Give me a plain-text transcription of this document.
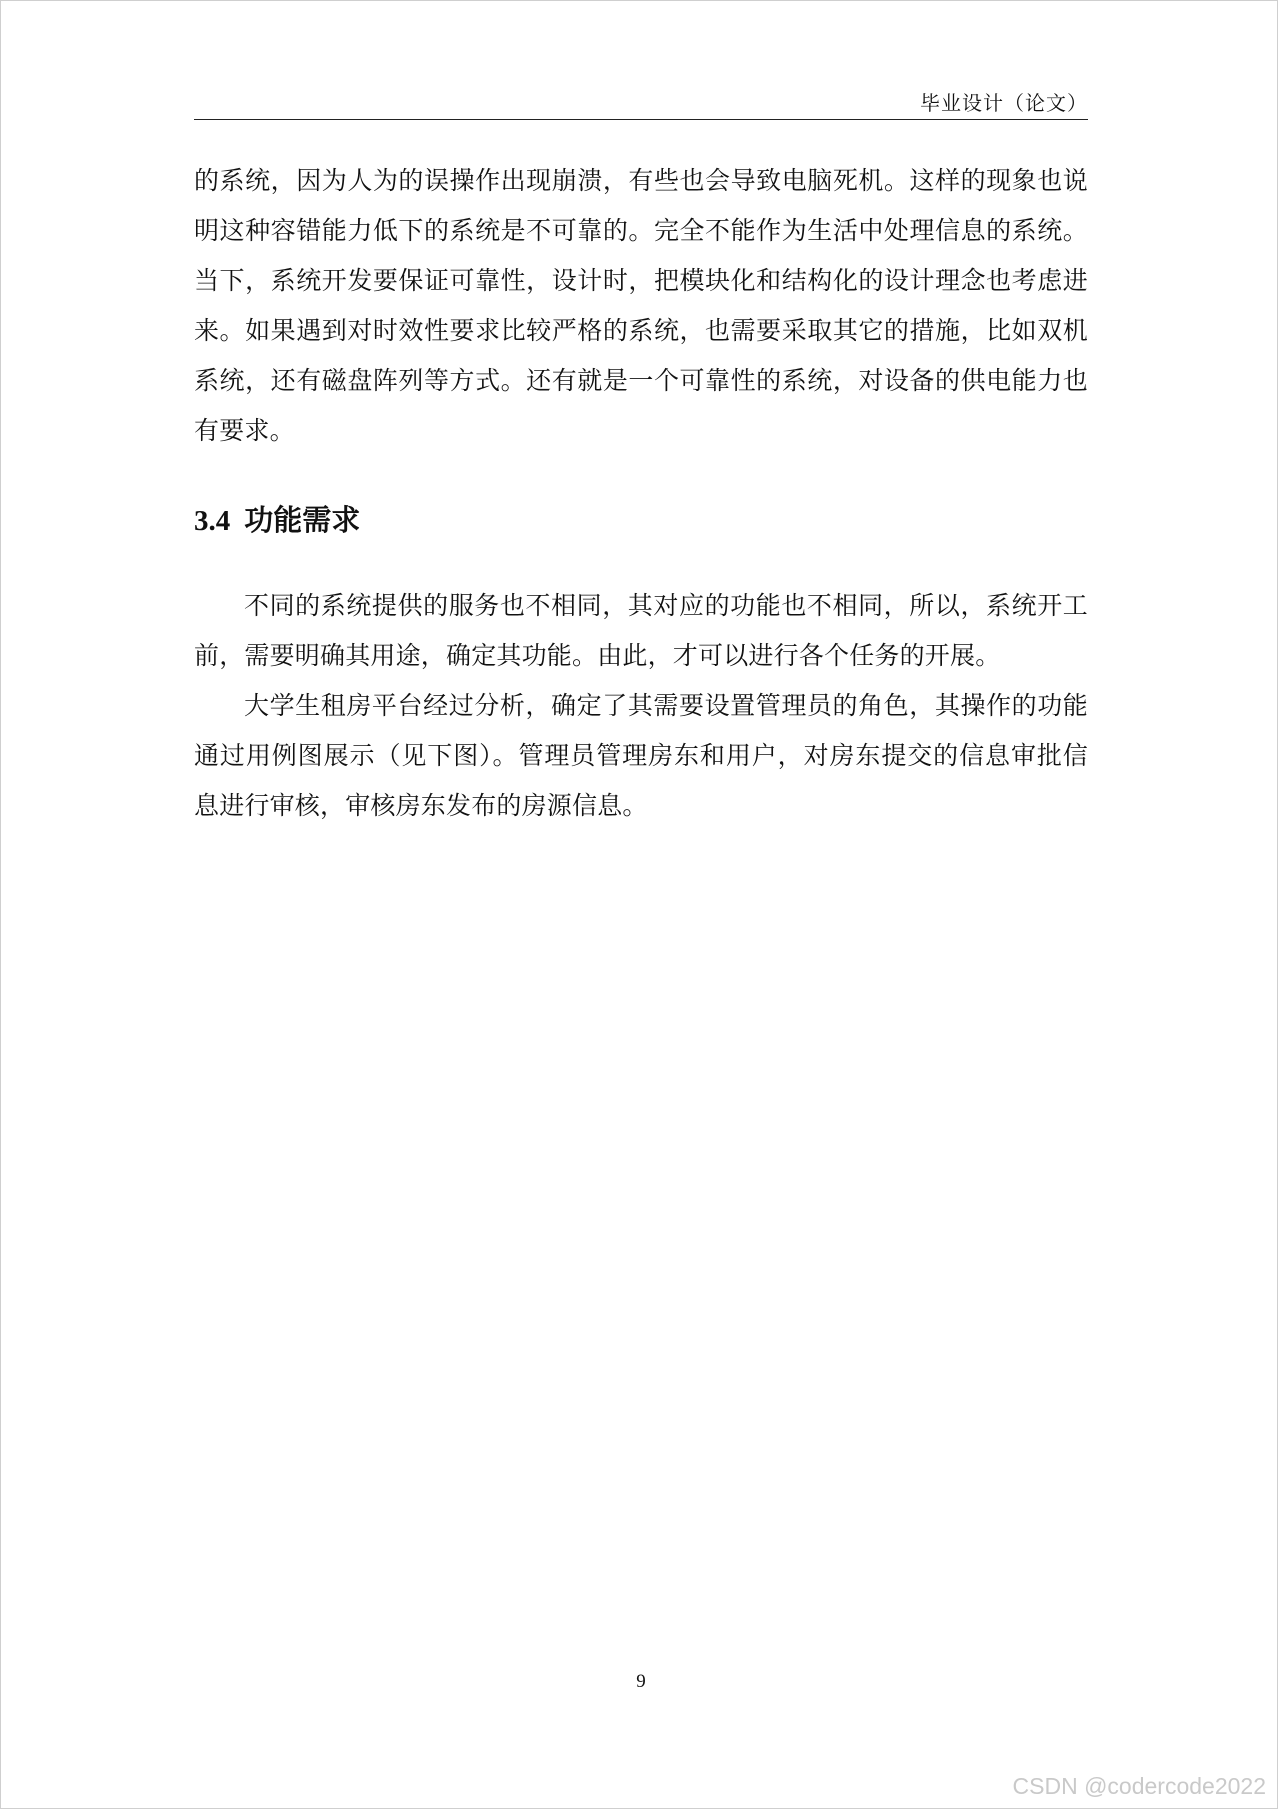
毕业设计（论文）

的系统，因为人为的误操作出现崩溃，有些也会导致电脑死机。这样的现象也说明这种容错能力低下的系统是不可靠的。完全不能作为生活中处理信息的系统。当下，系统开发要保证可靠性，设计时，把模块化和结构化的设计理念也考虑进来。如果遇到对时效性要求比较严格的系统，也需要采取其它的措施，比如双机系统，还有磁盘阵列等方式。还有就是一个可靠性的系统，对设备的供电能力也有要求。

3.4 功能需求

不同的系统提供的服务也不相同，其对应的功能也不相同，所以，系统开工前，需要明确其用途，确定其功能。由此，才可以进行各个任务的开展。

大学生租房平台经过分析，确定了其需要设置管理员的角色，其操作的功能通过用例图展示（见下图）。管理员管理房东和用户，对房东提交的信息审批信息进行审核，审核房东发布的房源信息。

9
CSDN @codercode2022
